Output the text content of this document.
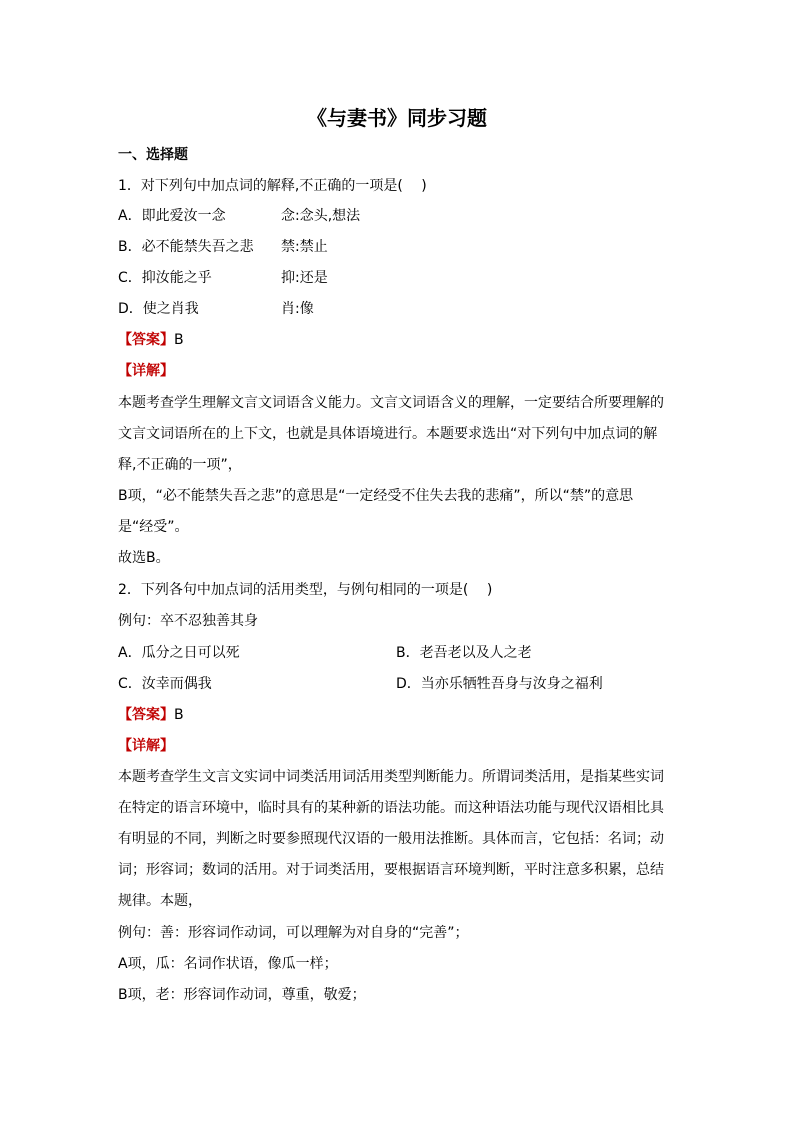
《与妻书》同步习题
一、选择题
1．对下列句中加点词的解释,不正确的一项是(　 )
A．即此爱汝一念	念:念头,想法
B．必不能禁失吾之悲 禁:禁止
C．抑汝能之乎	抑:还是
D．使之肖我	肖:像
【答案】B
【详解】
本题考查学生理解文言文词语含义能力。文言文词语含义的理解，一定要结合所要理解的
文言文词语所在的上下文，也就是具体语境进行。本题要求选出“对下列句中加点词的解
释,不正确的一项”，
B项，“必不能禁失吾之悲”的意思是“一定经受不住失去我的悲痛”，所以“禁”的意思
是“经受”。
故选B。
2．下列各句中加点词的活用类型，与例句相同的一项是(　 )
例句：卒不忍独善其身
A．瓜分之日可以死	B．老吾老以及人之老
C．汝幸而偶我	D．当亦乐牺牲吾身与汝身之福利
【答案】B
【详解】
本题考查学生文言文实词中词类活用词活用类型判断能力。所谓词类活用，是指某些实词
在特定的语言环境中，临时具有的某种新的语法功能。而这种语法功能与现代汉语相比具
有明显的不同，判断之时要参照现代汉语的一般用法推断。具体而言，它包括：名词；动
词；形容词；数词的活用。对于词类活用，要根据语言环境判断，平时注意多积累，总结
规律。本题，
例句：善：形容词作动词，可以理解为对自身的“完善”；
A项，瓜：名词作状语，像瓜一样；
B项，老：形容词作动词，尊重，敬爱；
